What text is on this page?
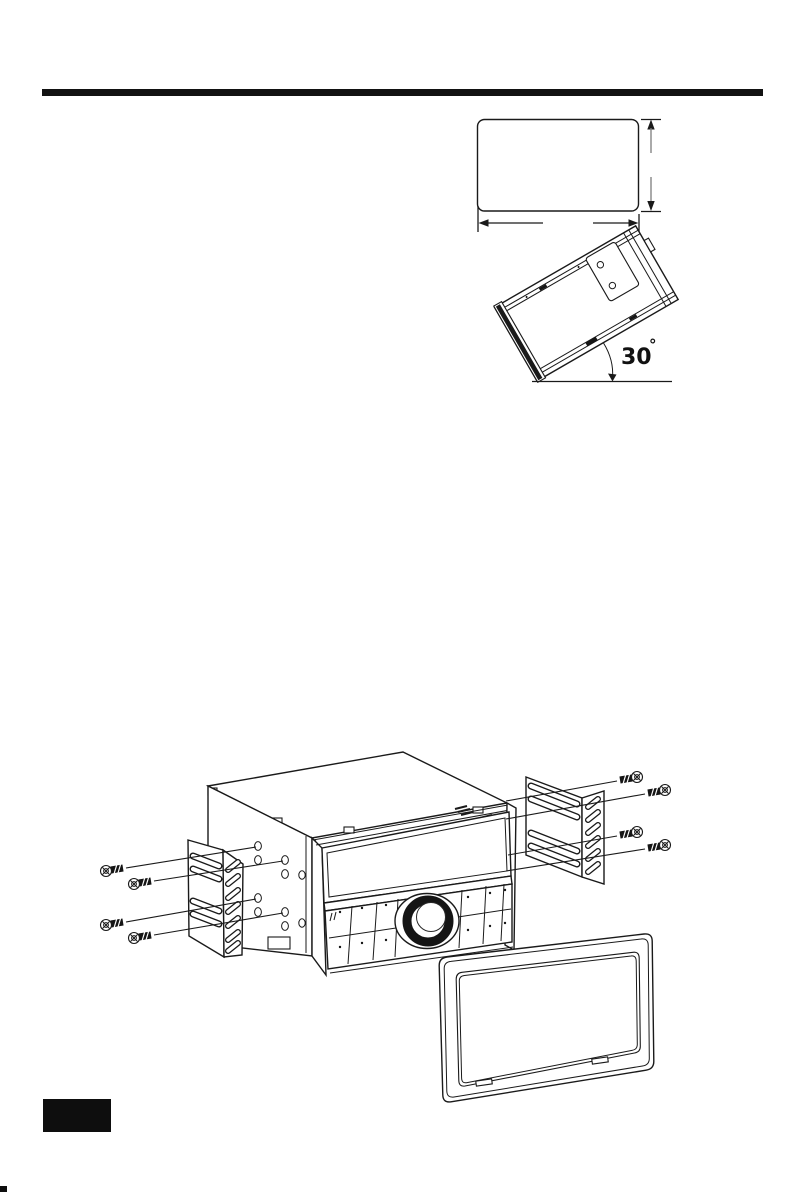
30
°
